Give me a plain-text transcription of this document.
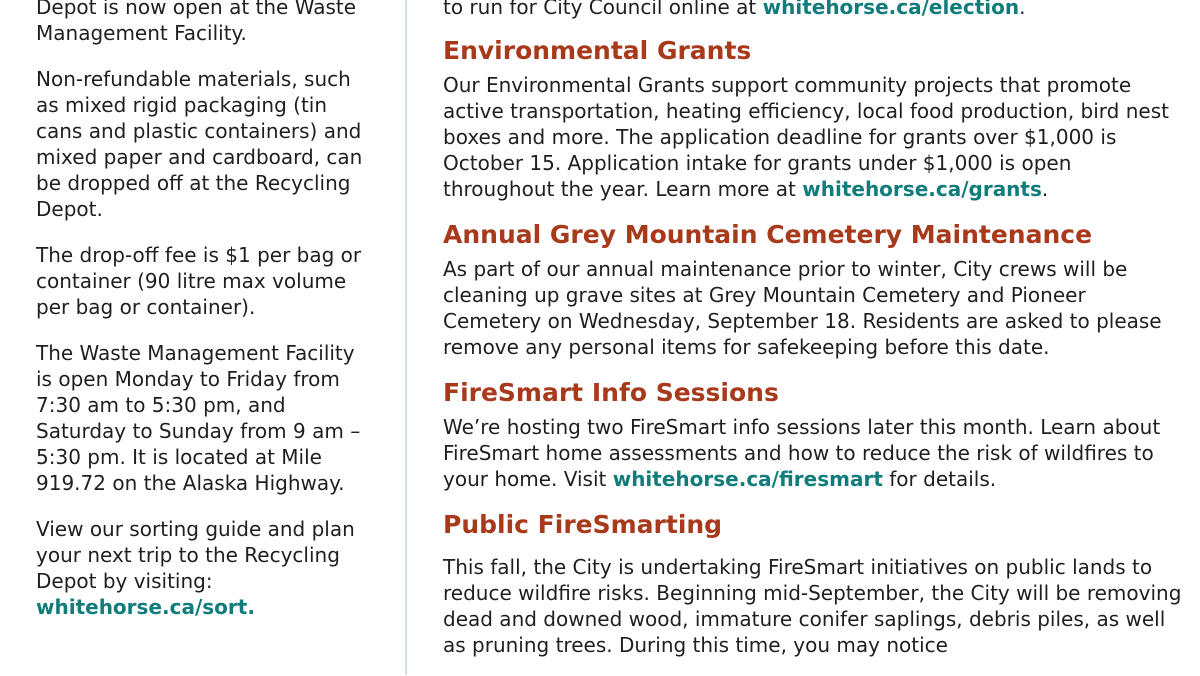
Depot is now open at the Waste Management Facility.

Non-refundable materials, such as mixed rigid packaging (tin cans and plastic containers) and mixed paper and cardboard, can be dropped off at the Recycling Depot.

The drop-off fee is $1 per bag or container (90 litre max volume per bag or container).

The Waste Management Facility is open Monday to Friday from 7:30 am to 5:30 pm, and Saturday to Sunday from 9 am – 5:30 pm. It is located at Mile 919.72 on the Alaska Highway.

View our sorting guide and plan your next trip to the Recycling Depot by visiting:
whitehorse.ca/sort.

to run for City Council online at whitehorse.ca/election.

Environmental Grants

Our Environmental Grants support community projects that promote active transportation, heating efficiency, local food production, bird nest boxes and more. The application deadline for grants over $1,000 is October 15. Application intake for grants under $1,000 is open throughout the year. Learn more at whitehorse.ca/grants.

Annual Grey Mountain Cemetery Maintenance

As part of our annual maintenance prior to winter, City crews will be cleaning up grave sites at Grey Mountain Cemetery and Pioneer Cemetery on Wednesday, September 18. Residents are asked to please remove any personal items for safekeeping before this date.

FireSmart Info Sessions

We’re hosting two FireSmart info sessions later this month. Learn about FireSmart home assessments and how to reduce the risk of wildfires to your home. Visit whitehorse.ca/firesmart for details.

Public FireSmarting

This fall, the City is undertaking FireSmart initiatives on public lands to reduce wildfire risks. Beginning mid-September, the City will be removing dead and downed wood, immature conifer saplings, debris piles, as well as pruning trees. During this time, you may notice
